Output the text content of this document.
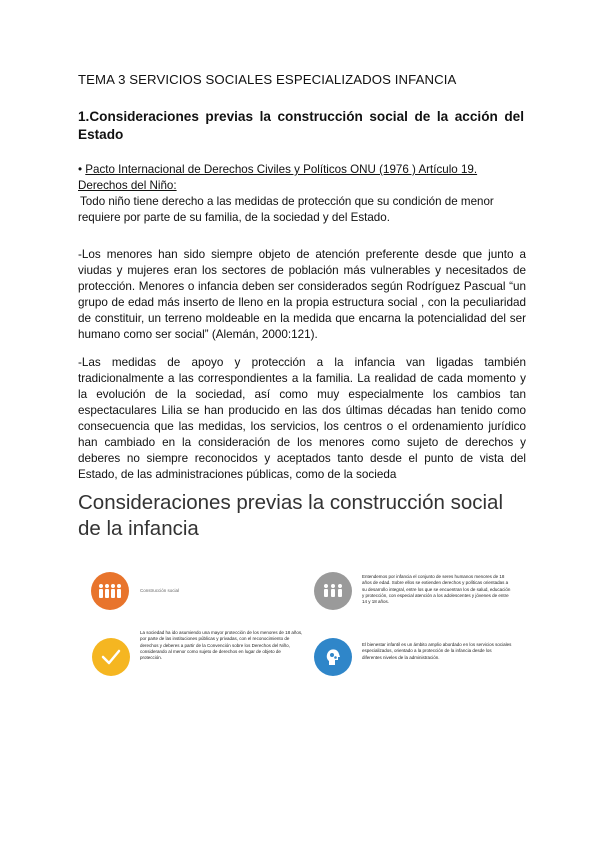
TEMA 3 SERVICIOS SOCIALES ESPECIALIZADOS INFANCIA
1.Consideraciones previas la construcción social de la acción del Estado
• Pacto Internacional de Derechos Civiles y Políticos ONU (1976 ) Artículo 19. Derechos del Niño:
Todo niño tiene derecho a las medidas de protección que su condición de menor requiere por parte de su familia, de la sociedad y del Estado.
-Los menores han sido siempre objeto de atención preferente desde que junto a viudas y mujeres eran los sectores de población más vulnerables y necesitados de protección. Menores o infancia deben ser considerados según Rodríguez Pascual “un grupo de edad más inserto de lleno en la propia estructura social , con la peculiaridad de constituir, un terreno moldeable en la medida que encarna la potencialidad del ser humano como ser social” (Alemán, 2000:121).
-Las medidas de apoyo y protección a la infancia van ligadas también tradicionalmente a las correspondientes a la familia. La realidad de cada momento y la evolución de la sociedad, así como muy especialmente los cambios tan espectaculares Lilia se han producido en las dos últimas décadas han tenido como consecuencia que las medidas, los servicios, los centros o el ordenamiento jurídico han cambiado en la consideración de los menores como sujeto de derechos y deberes no siempre reconocidos y aceptados tanto desde el punto de vista del Estado, de las administraciones públicas, como de la socieda
Consideraciones previas la construcción social de la infancia
Construcción social
Entendemos por infancia el conjunto de seres humanos menores de 18 años de edad. Sobre ellos se extienden derechos y políticas orientadas a su desarrollo integral, entre los que se encuentran los de salud, educación y protección, con especial atención a los adolescentes y jóvenes de entre 14 y 18 años.
La sociedad ha ido asumiendo una mayor protección de los menores de 18 años, por parte de las instituciones públicas y privadas, con el reconocimiento de derechos y deberes a partir de la Convención sobre los Derechos del Niño, considerando al menor como sujeto de derechos en lugar de objeto de protección.
El bienestar infantil es un ámbito amplio abordado en los servicios sociales especializados, orientado a la protección de la infancia desde los diferentes niveles de la administración.
